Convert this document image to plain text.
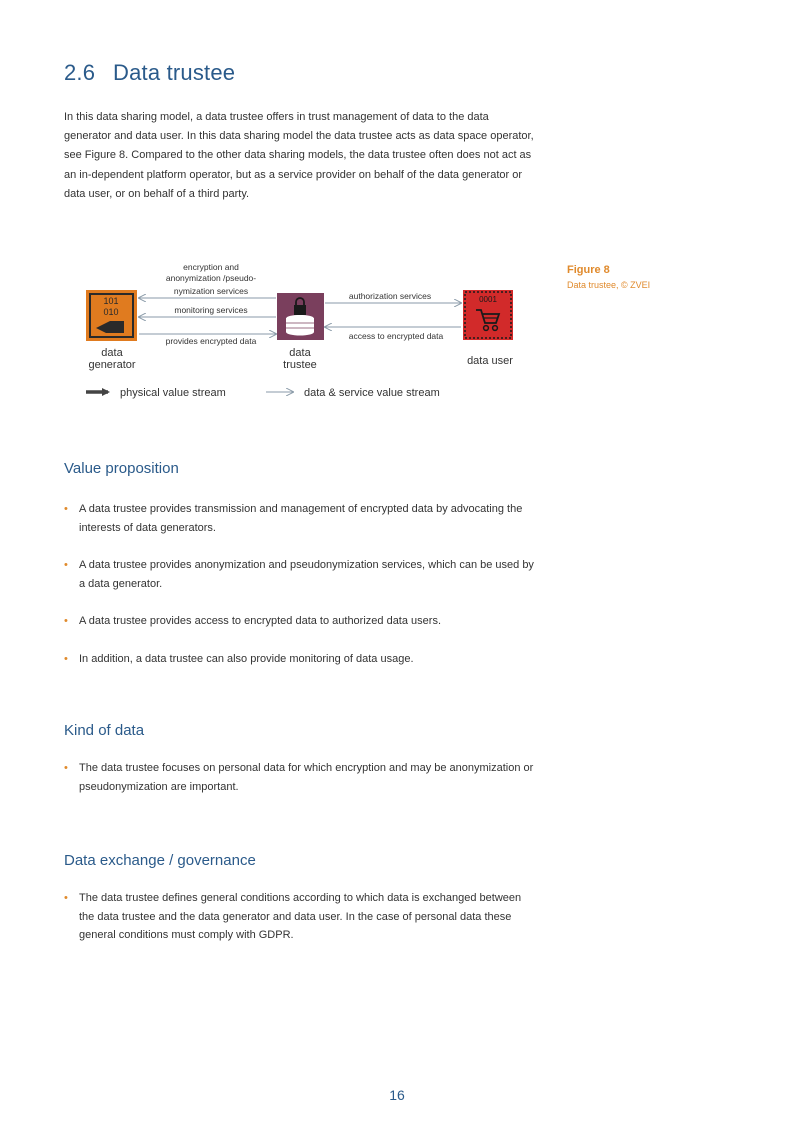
2.6 Data trustee

In this data sharing model, a data trustee offers in trust management of data to the data generator and data user. In this data sharing model the data trustee acts as data space operator, see Figure 8. Compared to the other data sharing models, the data trustee often does not act as an in-dependent platform operator, but as a service provider on behalf of the data generator or data user, or on behalf of a third party.

101
010
0001
encryption and
anonymization /pseudo-
nymization services
monitoring services
provides encrypted data
authorization services
access to encrypted data
data
generator
data
trustee	data user
physical value stream	data & service value stream
Figure 8
Data trustee, © ZVEI
Value proposition
• A data trustee provides transmission and management of encrypted data by advocating the interests of data generators.
• A data trustee provides anonymization and pseudonymization services, which can be used by a data generator.
• A data trustee provides access to encrypted data to authorized data users.
• In addition, a data trustee can also provide monitoring of data usage.
Kind of data
• The data trustee focuses on personal data for which encryption and may be anonymization or pseudonymization are important.
Data exchange / governance
• The data trustee defines general conditions according to which data is exchanged between the data trustee and the data generator and data user. In the case of personal data these general conditions must comply with GDPR.
16
